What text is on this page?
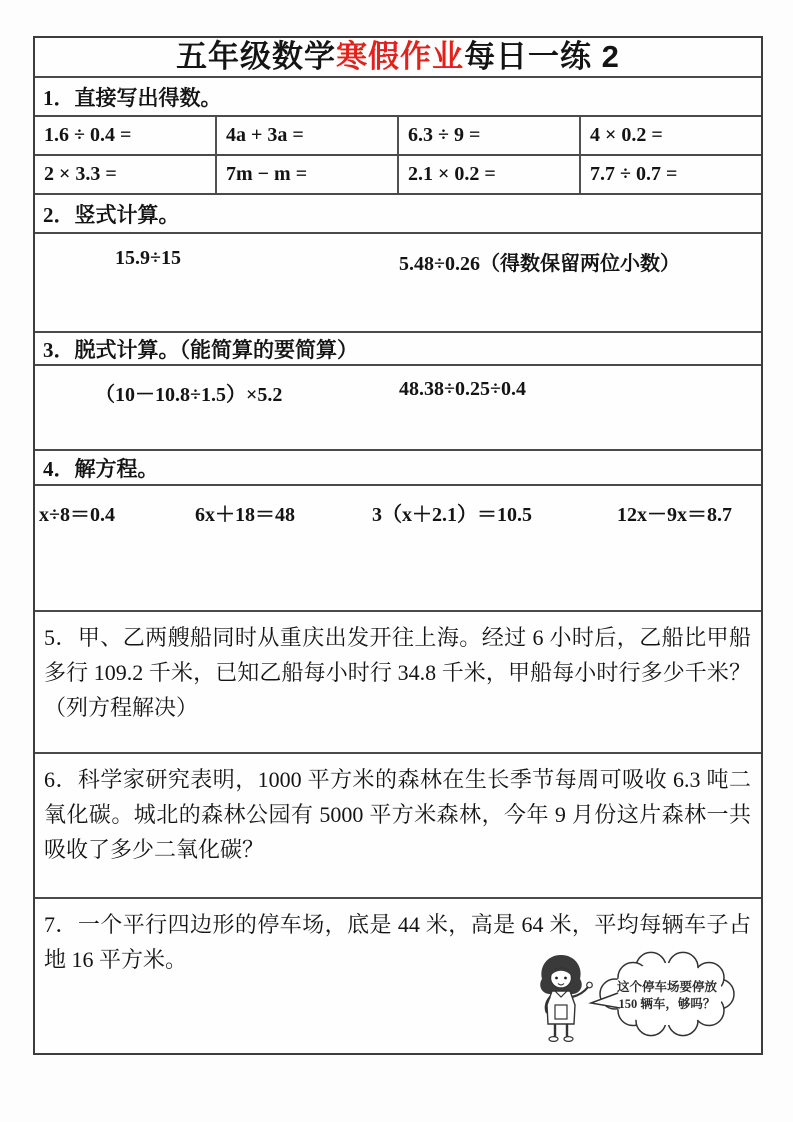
五年级数学 寒假作业 每日一练 2
1．直接写出得数。
1.6 ÷ 0.4 =	4a + 3a =	6.3 ÷ 9 =	4 × 0.2 =
2 × 3.3 =	7m − m =	2.1 × 0.2 =	7.7 ÷ 0.7 =
2．竖式计算。
15.9÷15	5.48÷0.26（得数保留两位小数）
3．脱式计算。（能简算的要简算）
（10－10.8÷1.5）×5.2	48.38÷0.25÷0.4
4．解方程。
x÷8＝0.4	6x＋18＝48	3（x＋2.1）＝10.5	12x－9x＝8.7
5．甲、乙两艘船同时从重庆出发开往上海。经过 6 小时后，乙船比甲船多行 109.2 千米，已知乙船每小时行 34.8 千米，甲船每小时行多少千米？（列方程解决）
6．科学家研究表明，1000 平方米的森林在生长季节每周可吸收 6.3 吨二氧化碳。城北的森林公园有 5000 平方米森林，今年 9 月份这片森林一共吸收了多少二氧化碳？
7．一个平行四边形的停车场，底是 44 米，高是 64 米，平均每辆车子占地 16 平方米。
这个停车场要停放
150 辆车，够吗？
